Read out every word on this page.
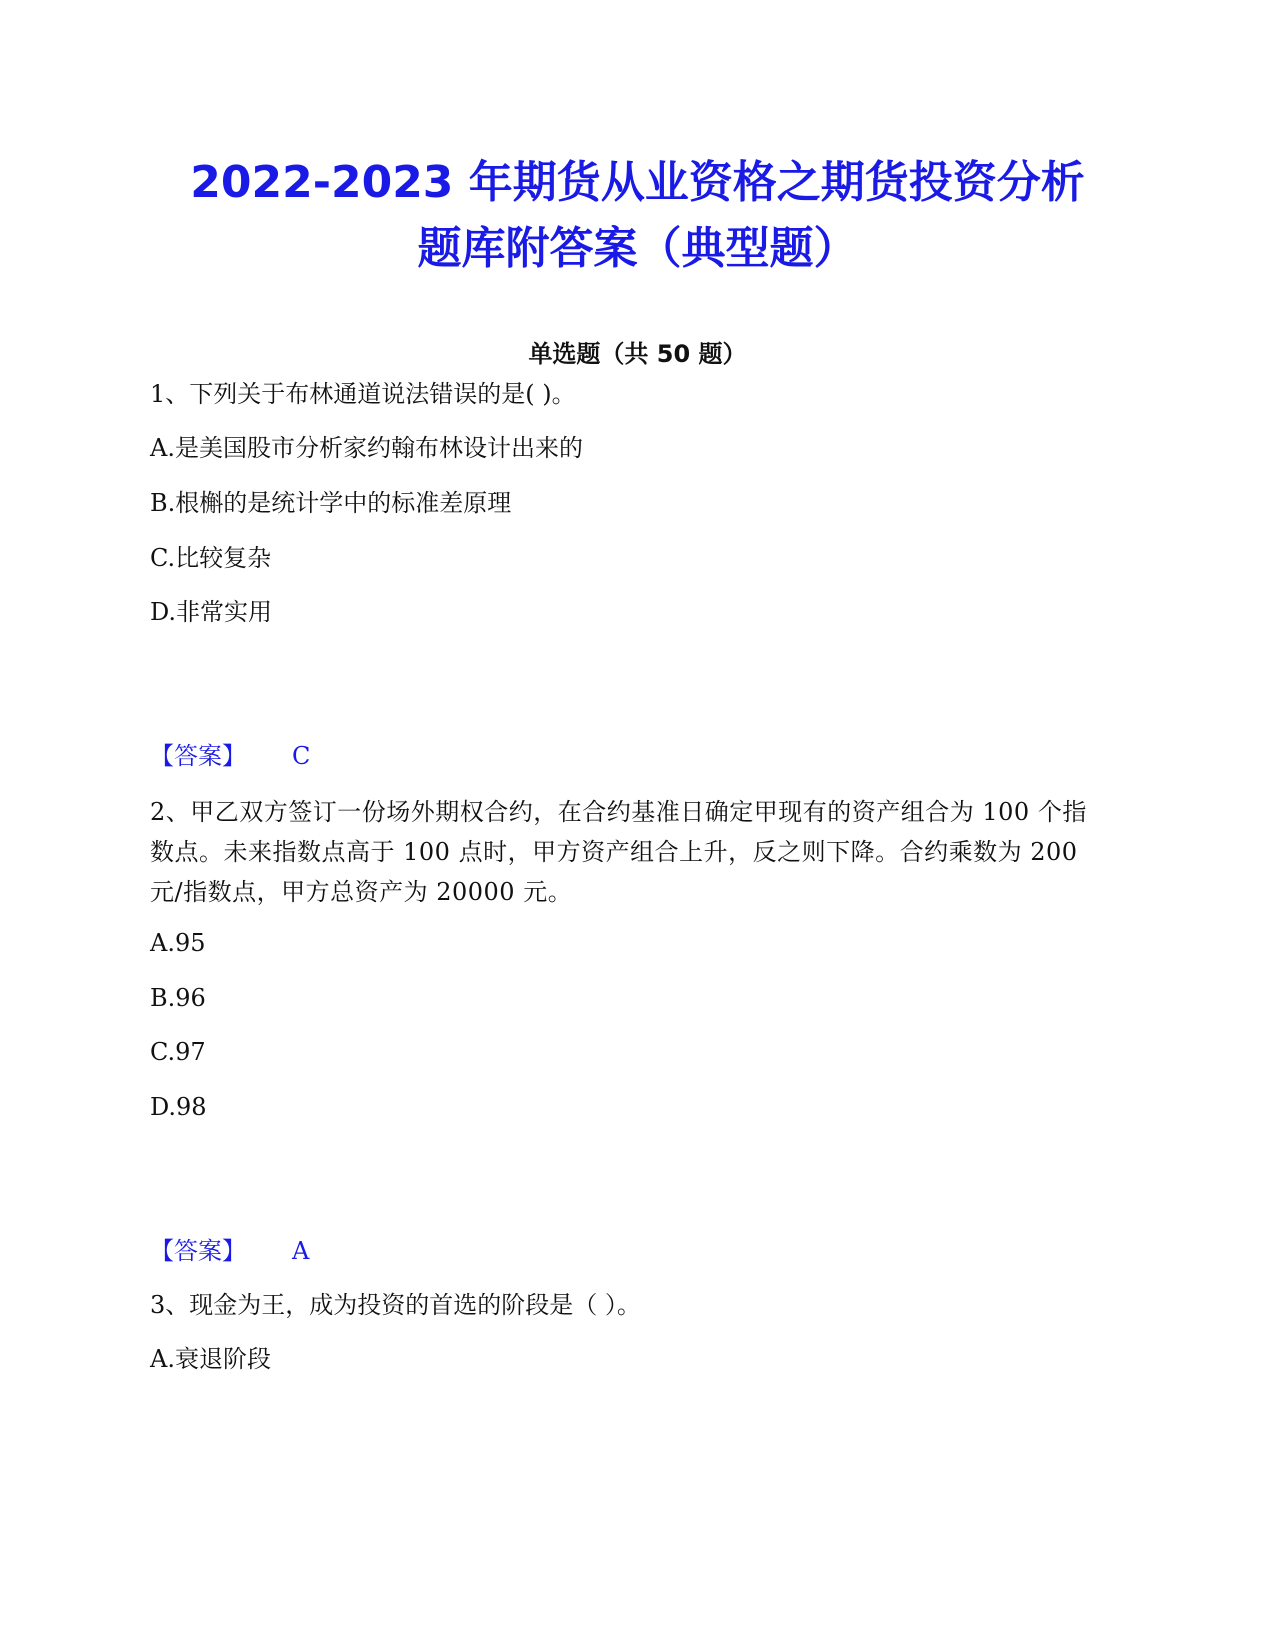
2022-2023 年期货从业资格之期货投资分析
题库附答案（典型题）
单选题（共 50 题）
1、下列关于布林通道说法错误的是( )。
A.是美国股市分析家约翰布林设计出来的
B.根槲的是统计学中的标准差原理
C.比较复杂
D.非常实用
【答案】 C
2、甲乙双方签订一份场外期权合约，在合约基准日确定甲现有的资产组合为 100 个指数点。未来指数点高于 100 点时，甲方资产组合上升，反之则下降。合约乘数为 200 元/指数点，甲方总资产为 20000 元。
A.95
B.96
C.97
D.98
【答案】 A
3、现金为王，成为投资的首选的阶段是（ ）。
A.衰退阶段
